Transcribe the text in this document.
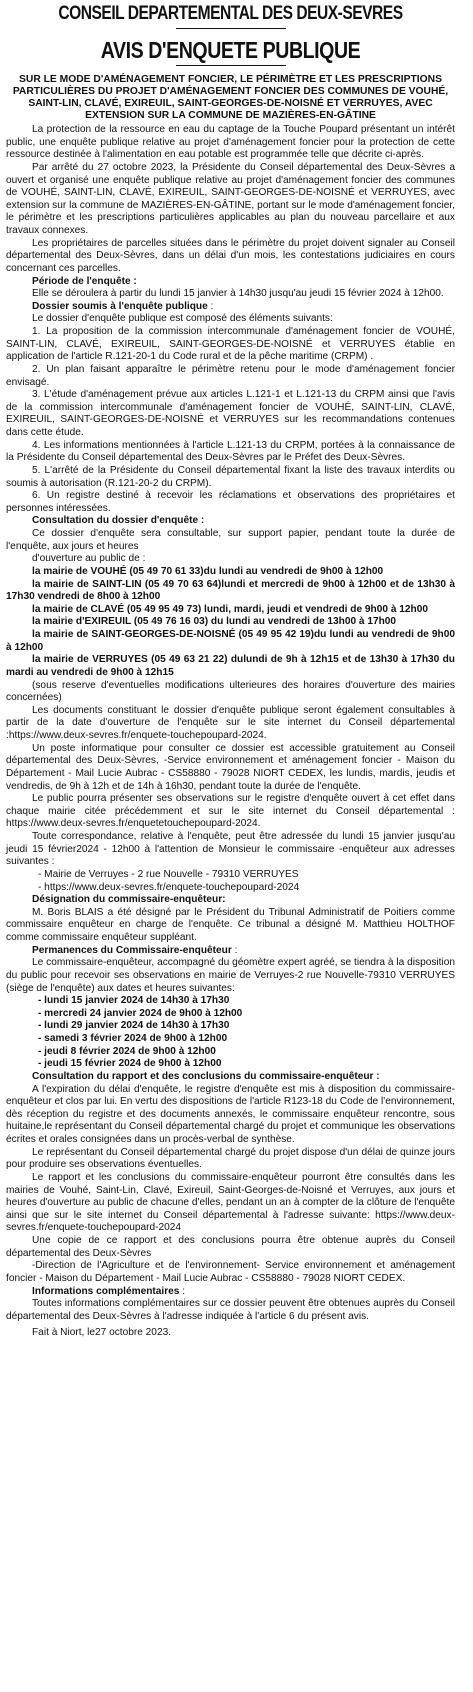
CONSEIL DEPARTEMENTAL DES DEUX-SEVRES
AVIS D'ENQUETE PUBLIQUE
SUR LE MODE D'AMÉNAGEMENT FONCIER, LE PÉRIMÈTRE ET LES PRESCRIPTIONS PARTICULIÈRES DU PROJET D'AMÉNAGEMENT FONCIER DES COMMUNES DE VOUHÉ, SAINT-LIN, CLAVÉ, EXIREUIL, SAINT-GEORGES-DE-NOISNÉ ET VERRUYES, AVEC EXTENSION SUR LA COMMUNE DE MAZIÈRES-EN-GÂTINE

La protection de la ressource en eau du captage de la Touche Poupard présentant un intérêt public, une enquête publique relative au projet d'aménagement foncier pour la protection de cette ressource destinée à l'alimentation en eau potable est programmée telle que décrite ci-après.

Par arrêté du 27 octobre 2023, la Présidente du Conseil départemental des Deux-Sèvres a ouvert et organisé une enquête publique relative au projet d'aménagement foncier des communes de VOUHÉ, SAINT-LIN, CLAVÉ, EXIREUIL, SAINT-GEORGES-DE-NOISNÉ et VERRUYES, avec extension sur la commune de MAZIÈRES-EN-GÂTINE, portant sur le mode d'aménagement foncier, le périmètre et les prescriptions particulières applicables au plan du nouveau parcellaire et aux travaux connexes.

Les propriétaires de parcelles situées dans le périmètre du projet doivent signaler au Conseil départemental des Deux-Sèvres, dans un délai d'un mois, les contestations judiciaires en cours concernant ces parcelles.

Période de l'enquête :

Elle se déroulera à partir du lundi 15 janvier à 14h30 jusqu'au jeudi 15 février 2024 à 12h00.

Dossier soumis à l'enquête publique :

Le dossier d'enquête publique est composé des éléments suivants:

1. La proposition de la commission intercommunale d'aménagement foncier de VOUHÉ, SAINT-LIN, CLAVÉ, EXIREUIL, SAINT-GEORGES-DE-NOISNÉ et VERRUYES établie en application de l'article R.121-20-1 du Code rural et de la pêche maritime (CRPM) .

2. Un plan faisant apparaître le périmètre retenu pour le mode d'aménagement foncier envisagé.

3. L'étude d'aménagement prévue aux articles L.121-1 et L.121-13 du CRPM ainsi que l'avis de la commission intercommunale d'aménagement foncier de VOUHÉ, SAINT-LIN, CLAVÉ, EXIREUIL, SAINT-GEORGES-DE-NOISNÉ et VERRUYES sur les recommandations contenues dans cette étude.

4. Les informations mentionnées à l'article L.121-13 du CRPM, portées à la connaissance de la Présidente du Conseil départemental des Deux-Sèvres par le Préfet des Deux-Sèvres.

5. L'arrêté de la Présidente du Conseil départemental fixant la liste des travaux interdits ou soumis à autorisation (R.121-20-2 du CRPM).

6. Un registre destiné à recevoir les réclamations et observations des propriétaires et personnes intéressées.

Consultation du dossier d'enquête :

Ce dossier d'enquête sera consultable, sur support papier, pendant toute la durée de l'enquête, aux jours et heures

d'ouverture au public de :

la mairie de VOUHÉ (05 49 70 61 33)du lundi au vendredi de 9h00 à 12h00

la mairie de SAINT-LIN (05 49 70 63 64)lundi et mercredi de 9h00 à 12h00 et de 13h30 à 17h30 vendredi de 8h00 à 12h00

la mairie de CLAVÉ (05 49 95 49 73) lundi, mardi, jeudi et vendredi de 9h00 à 12h00

la mairie d'EXIREUIL (05 49 76 16 03) du lundi au vendredi de 13h00 à 17h00

la mairie de SAINT-GEORGES-DE-NOISNÉ (05 49 95 42 19)du lundi au vendredi de 9h00 à 12h00

la mairie de VERRUYES (05 49 63 21 22) dulundi de 9h à 12h15 et de 13h30 à 17h30 du mardi au vendredi de 9h00 à 12h15

(sous reserve d'eventuelles modifications ulterieures des horaires d'ouverture des mairies concernées)

Les documents constituant le dossier d'enquête publique seront également consultables à partir de la date d'ouverture de l'enquête sur le site internet du Conseil départemental :https://www.deux-sevres.fr/enquete-touchepoupard-2024.

Un poste informatique pour consulter ce dossier est accessible gratuitement au Conseil départemental des Deux-Sèvres, -Service environnement et aménagement foncier - Maison du Département - Mail Lucie Aubrac - CS58880 - 79028 NIORT CEDEX, les lundis, mardis, jeudis et vendredis, de 9h à 12h et de 14h à 16h30, pendant toute la durée de l'enquête.

Le public pourra présenter ses observations sur le registre d'enquête ouvert à cet effet dans chaque mairie citée précédemment et sur le site internet du Conseil départemental : https://www.deux-sevres.fr/enquetetouchepoupard-2024.

Toute correspondance, relative à l'enquête, peut être adressée du lundi 15 janvier jusqu'au jeudi 15 février2024 - 12h00 à l'attention de Monsieur le commissaire -enquêteur aux adresses suivantes :

- Mairie de Verruyes - 2 rue Nouvelle - 79310 VERRUYES
- https://www.deux-sevres.fr/enquete-touchepoupard-2024
Désignation du commissaire-enquêteur:

M. Boris BLAIS a été désigné par le Président du Tribunal Administratif de Poitiers comme commissaire enquêteur en charge de l'enquête. Ce tribunal a désigné M. Matthieu HOLTHOF comme commissaire enquêteur suppléant.

Permanences du Commissaire-enquêteur :

Le commissaire-enquêteur, accompagné du géomètre expert agréé, se tiendra à la disposition du public pour recevoir ses observations en mairie de Verruyes-2 rue Nouvelle-79310 VERRUYES (siège de l'enquête) aux dates et heures suivantes:

- lundi 15 janvier 2024 de 14h30 à 17h30
- mercredi 24 janvier 2024 de 9h00 à 12h00
- lundi 29 janvier 2024 de 14h30 à 17h30
- samedi 3 février 2024 de 9h00 à 12h00
- jeudi 8 février 2024 de 9h00 à 12h00
- jeudi 15 février 2024 de 9h00 à 12h00
Consultation du rapport et des conclusions du commissaire-enquêteur :

A l'expiration du délai d'enquête, le registre d'enquête est mis à disposition du commissaire-enquêteur et clos par lui. En vertu des dispositions de l'article R123-18 du Code de l'environnement, dès réception du registre et des documents annexés, le commissaire enquêteur rencontre, sous huitaine,le représentant du Conseil départemental chargé du projet et communique les observations écrites et orales consignées dans un procès-verbal de synthèse.

Le représentant du Conseil départemental chargé du projet dispose d'un délai de quinze jours pour produire ses observations éventuelles.

Le rapport et les conclusions du commissaire-enquêteur pourront être consultés dans les mairies de Vouhé, Saint-Lin, Clavé, Exireuil, Saint-Georges-de-Noisné et Verruyes, aux jours et heures d'ouverture au public de chacune d'elles, pendant un an à compter de la clôture de l'enquête ainsi que sur le site internet du Conseil départemental à l'adresse suivante: https://www.deux-sevres.fr/enquete-touchepoupard-2024

Une copie de ce rapport et des conclusions pourra être obtenue auprès du Conseil départemental des Deux-Sèvres

-Direction de l'Agriculture et de l'environnement- Service environnement et aménagement foncier - Maison du Département - Mail Lucie Aubrac - CS58880 - 79028 NIORT CEDEX.

Informations complémentaires :

Toutes informations complémentaires sur ce dossier peuvent être obtenues auprès du Conseil départemental des Deux-Sèvres à l'adresse indiquée à l'article 6 du présent avis.

Fait à Niort, le27 octobre 2023.
